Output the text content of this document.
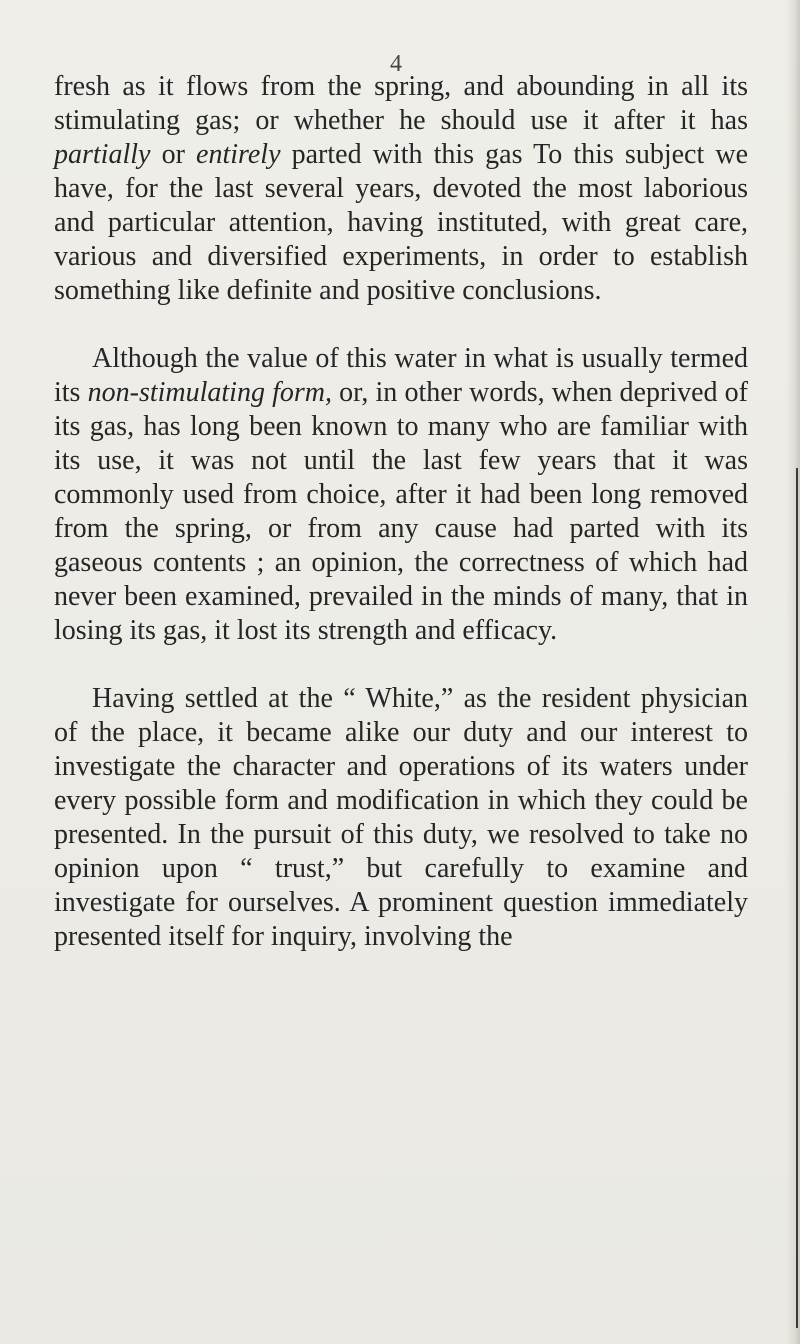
4

fresh as it flows from the spring, and abounding in all its stimulating gas; or whether he should use it after it has partially or entirely parted with this gas To this subject we have, for the last several years, devoted the most laborious and particular attention, having instituted, with great care, various and diversified experiments, in order to establish something like definite and positive conclusions.

Although the value of this water in what is usually termed its non-stimulating form, or, in other words, when deprived of its gas, has long been known to many who are familiar with its use, it was not until the last few years that it was commonly used from choice, after it had been long removed from the spring, or from any cause had parted with its gaseous contents ; an opinion, the correctness of which had never been examined, prevailed in the minds of many, that in losing its gas, it lost its strength and efficacy.

Having settled at the “ White,” as the resident physician of the place, it became alike our duty and our interest to investigate the character and operations of its waters under every possible form and modification in which they could be presented. In the pursuit of this duty, we resolved to take no opinion upon “ trust,” but carefully to examine and investigate for ourselves. A prominent question immediately presented itself for inquiry, involving the
